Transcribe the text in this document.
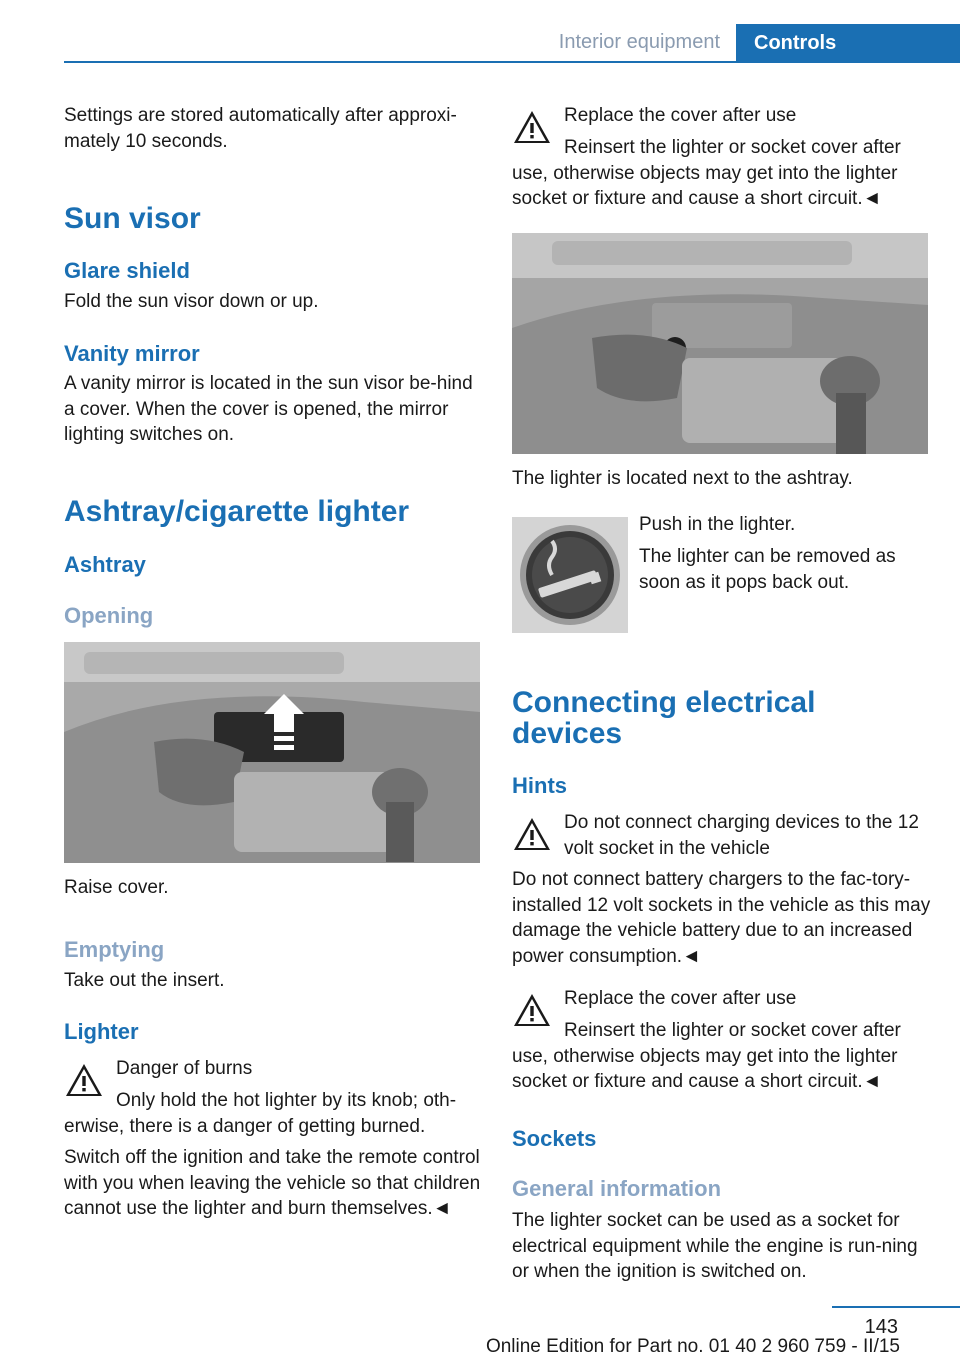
Interior equipment	Controls

Settings are stored automatically after approxi-mately 10 seconds.

Sun visor
Glare shield

Fold the sun visor down or up.

Vanity mirror

A vanity mirror is located in the sun visor be-hind a cover. When the cover is opened, the mirror lighting switches on.

Ashtray/cigarette lighter
Ashtray
Opening

Raise cover.

Emptying

Take out the insert.

Lighter

Danger of burns

Only hold the hot lighter by its knob; oth-erwise, there is a danger of getting burned.

Switch off the ignition and take the remote control with you when leaving the vehicle so that children cannot use the lighter and burn themselves.◄

Replace the cover after use

Reinsert the lighter or socket cover after use, otherwise objects may get into the lighter socket or fixture and cause a short circuit.◄

The lighter is located next to the ashtray.

Push in the lighter.

The lighter can be removed as soon as it pops back out.

Connecting electrical devices
Hints

Do not connect charging devices to the 12 volt socket in the vehicle

Do not connect battery chargers to the fac-tory-installed 12 volt sockets in the vehicle as this may damage the vehicle battery due to an increased power consumption.◄

Replace the cover after use

Reinsert the lighter or socket cover after use, otherwise objects may get into the lighter socket or fixture and cause a short circuit.◄

Sockets
General information

The lighter socket can be used as a socket for electrical equipment while the engine is run-ning or when the ignition is switched on.

143
Online Edition for Part no. 01 40 2 960 759 - II/15
